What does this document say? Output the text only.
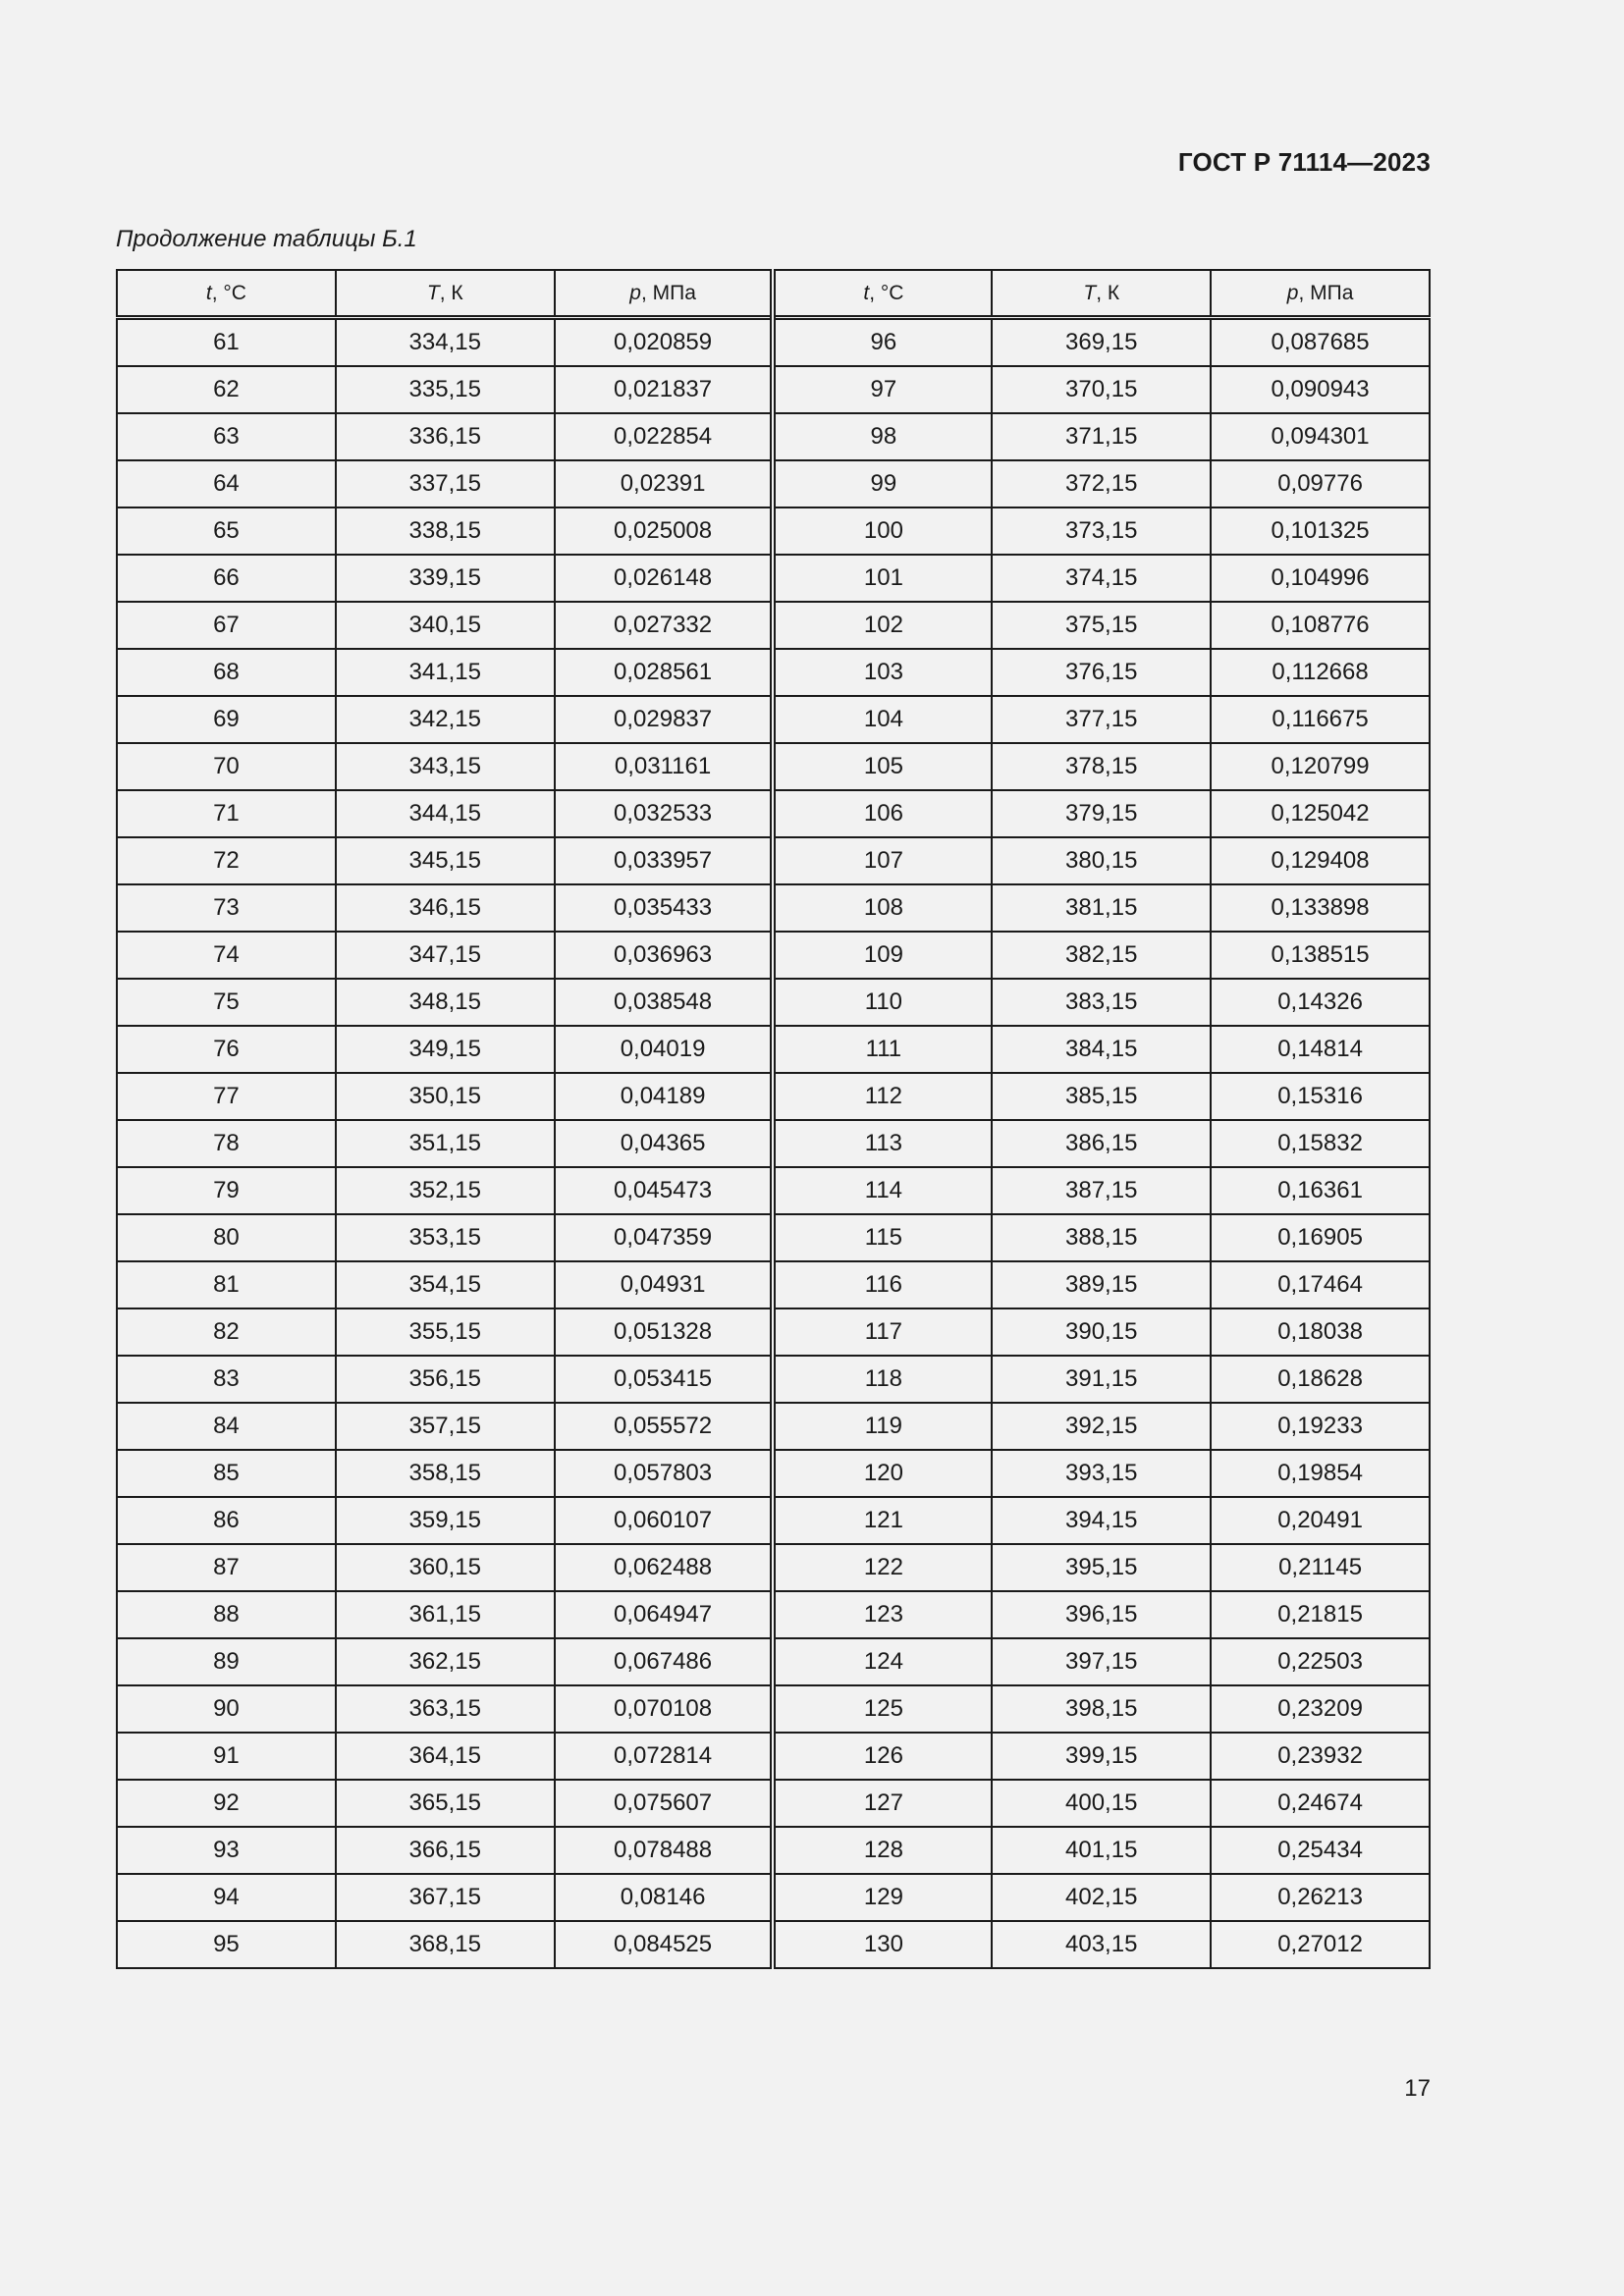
ГОСТ Р 71114—2023
Продолжение таблицы Б.1
t, °C	T, К	p, МПа	t, °C	T, К	p, МПа
61	334,15	0,020859	96	369,15	0,087685
62	335,15	0,021837	97	370,15	0,090943
63	336,15	0,022854	98	371,15	0,094301
64	337,15	0,02391	99	372,15	0,09776
65	338,15	0,025008	100	373,15	0,101325
66	339,15	0,026148	101	374,15	0,104996
67	340,15	0,027332	102	375,15	0,108776
68	341,15	0,028561	103	376,15	0,112668
69	342,15	0,029837	104	377,15	0,116675
70	343,15	0,031161	105	378,15	0,120799
71	344,15	0,032533	106	379,15	0,125042
72	345,15	0,033957	107	380,15	0,129408
73	346,15	0,035433	108	381,15	0,133898
74	347,15	0,036963	109	382,15	0,138515
75	348,15	0,038548	110	383,15	0,14326
76	349,15	0,04019	111	384,15	0,14814
77	350,15	0,04189	112	385,15	0,15316
78	351,15	0,04365	113	386,15	0,15832
79	352,15	0,045473	114	387,15	0,16361
80	353,15	0,047359	115	388,15	0,16905
81	354,15	0,04931	116	389,15	0,17464
82	355,15	0,051328	117	390,15	0,18038
83	356,15	0,053415	118	391,15	0,18628
84	357,15	0,055572	119	392,15	0,19233
85	358,15	0,057803	120	393,15	0,19854
86	359,15	0,060107	121	394,15	0,20491
87	360,15	0,062488	122	395,15	0,21145
88	361,15	0,064947	123	396,15	0,21815
89	362,15	0,067486	124	397,15	0,22503
90	363,15	0,070108	125	398,15	0,23209
91	364,15	0,072814	126	399,15	0,23932
92	365,15	0,075607	127	400,15	0,24674
93	366,15	0,078488	128	401,15	0,25434
94	367,15	0,08146	129	402,15	0,26213
95	368,15	0,084525	130	403,15	0,27012
17
